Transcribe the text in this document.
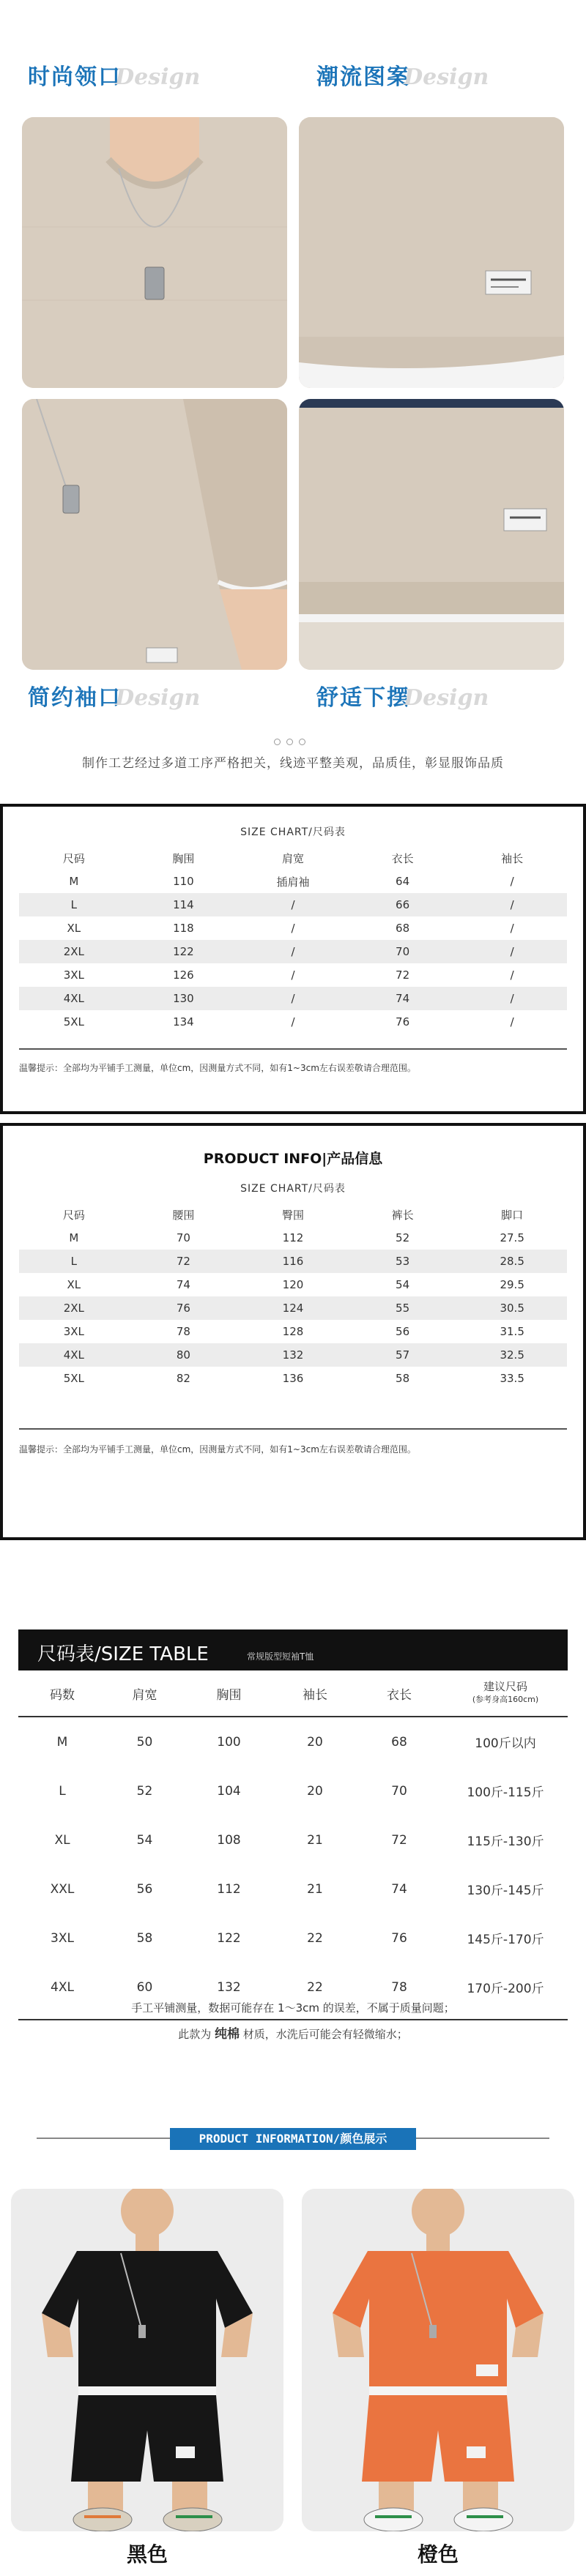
时尚领口 Design	潮流图案 Design
简约袖口 Design	舒适下摆 Design
制作工艺经过多道工序严格把关，线迹平整美观，品质佳，彰显服饰品质
SIZE CHART/尺码表
尺码	胸围	肩宽	衣长	袖长
M	110	插肩袖	64	/
L	114	/	66	/
XL	118	/	68	/
2XL	122	/	70	/
3XL	126	/	72	/
4XL	130	/	74	/
5XL	134	/	76	/
温馨提示：全部均为平铺手工测量，单位cm，因测量方式不同，如有1~3cm左右误差敬请合理范围。
PRODUCT INFO|产品信息
SIZE CHART/尺码表
尺码	腰围	臀围	裤长	脚口
M	70	112	52	27.5
L	72	116	53	28.5
XL	74	120	54	29.5
2XL	76	124	55	30.5
3XL	78	128	56	31.5
4XL	80	132	57	32.5
5XL	82	136	58	33.5
温馨提示：全部均为平铺手工测量，单位cm，因测量方式不同，如有1~3cm左右误差敬请合理范围。
尺码表/SIZE TABLE	常规版型短袖T恤
码数	肩宽	胸围	袖长	衣长
建议尺码
(参考身高160cm)
M	50	100	20	68	100斤以内
L	52	104	20	70	100斤-115斤
XL	54	108	21	72	115斤-130斤
XXL	56	112	21	74	130斤-145斤
3XL	58	122	22	76	145斤-170斤
4XL	60	132	22	78	170斤-200斤
手工平铺测量，数据可能存在 1～3cm 的误差，不属于质量问题；
此款为 纯棉 材质，水洗后可能会有轻微缩水；
PRODUCT INFORMATION/颜色展示
黑色	橙色
